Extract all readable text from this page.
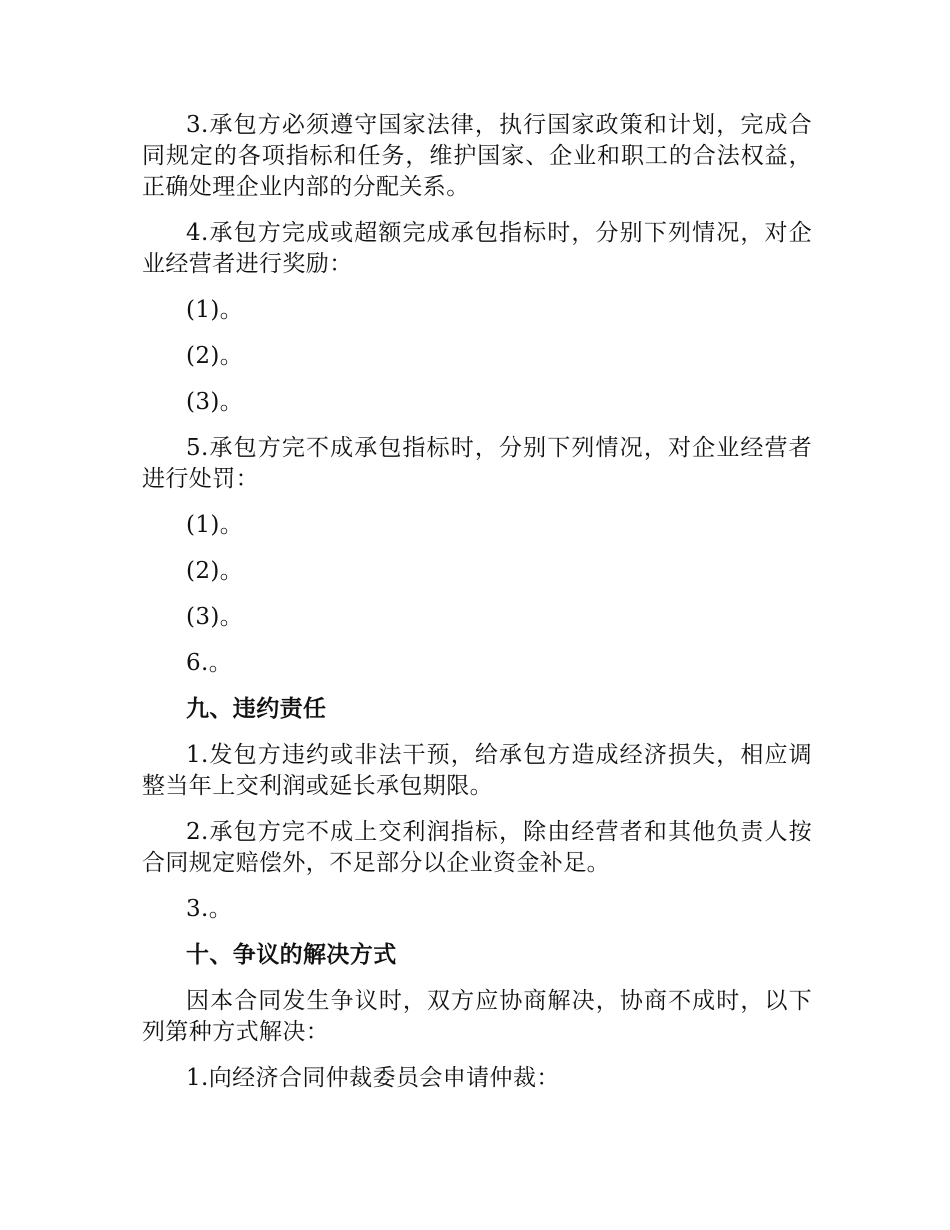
3.承包方必须遵守国家法律，执行国家政策和计划，完成合同规定的各项指标和任务，维护国家、企业和职工的合法权益，正确处理企业内部的分配关系。

4.承包方完成或超额完成承包指标时，分别下列情况，对企业经营者进行奖励：

(1)。

(2)。

(3)。

5.承包方完不成承包指标时，分别下列情况，对企业经营者进行处罚：

(1)。

(2)。

(3)。

6.。

九、违约责任

1.发包方违约或非法干预，给承包方造成经济损失，相应调整当年上交利润或延长承包期限。

2.承包方完不成上交利润指标，除由经营者和其他负责人按合同规定赔偿外，不足部分以企业资金补足。

3.。

十、争议的解决方式

因本合同发生争议时，双方应协商解决，协商不成时，以下列第种方式解决：

1.向经济合同仲裁委员会申请仲裁：
